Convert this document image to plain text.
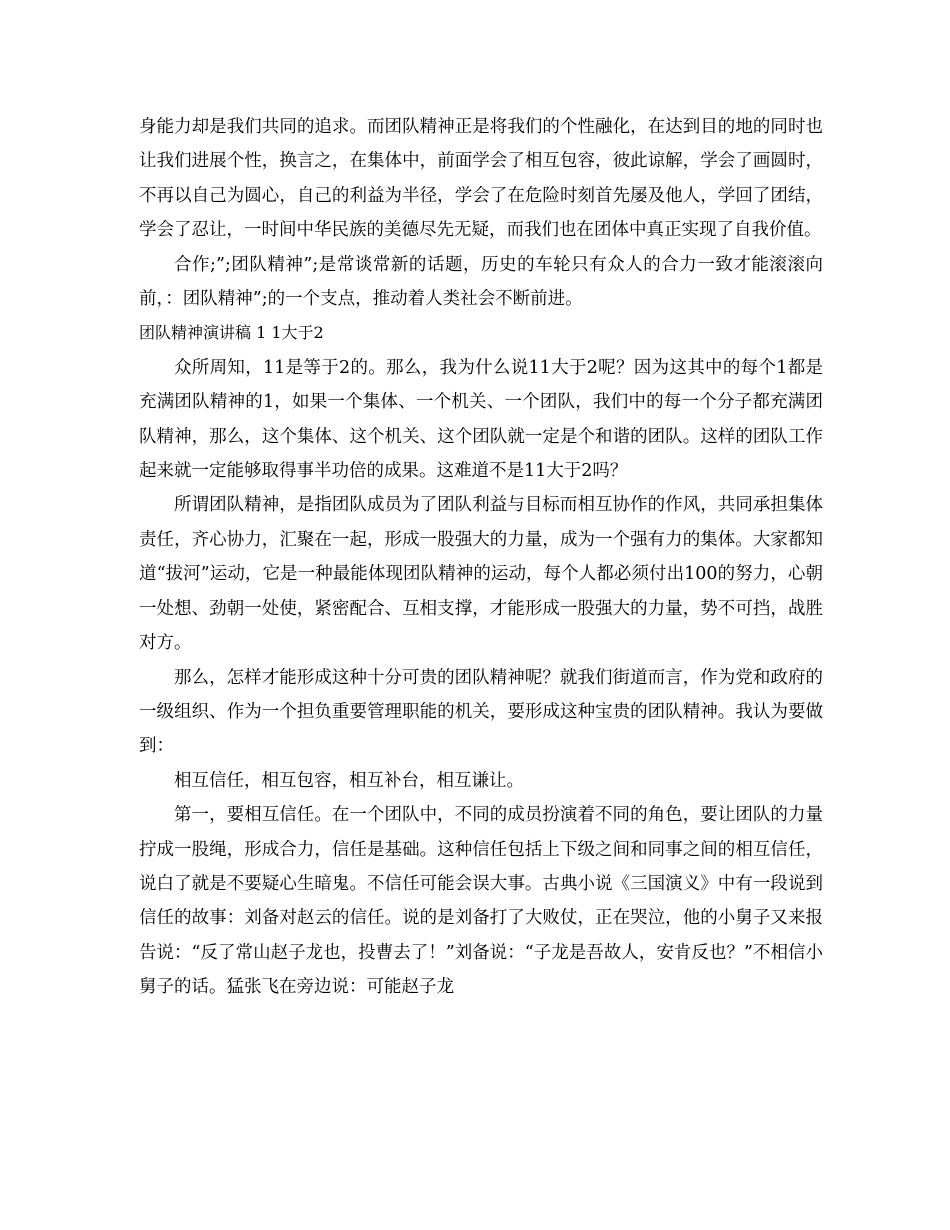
身能力却是我们共同的追求。而团队精神正是将我们的个性融化，在达到目的地的同时也让我们进展个性，换言之，在集体中，前面学会了相互包容，彼此谅解，学会了画圆时，不再以自己为圆心，自己的利益为半径，学会了在危险时刻首先屡及他人，学回了团结，学会了忍让，一时间中华民族的美德尽先无疑，而我们也在团体中真正实现了自我价值。

合作;”;团队精神”;是常谈常新的话题，历史的车轮只有众人的合力一致才能滚滚向前，：团队精神”;的一个支点，推动着人类社会不断前进。

团队精神演讲稿 1 1大于2

众所周知，11是等于2的。那么，我为什么说11大于2呢？因为这其中的每个1都是充满团队精神的1，如果一个集体、一个机关、一个团队，我们中的每一个分子都充满团队精神，那么，这个集体、这个机关、这个团队就一定是个和谐的团队。这样的团队工作起来就一定能够取得事半功倍的成果。这难道不是11大于2吗？

所谓团队精神，是指团队成员为了团队利益与目标而相互协作的作风，共同承担集体责任，齐心协力，汇聚在一起，形成一股强大的力量，成为一个强有力的集体。大家都知道“拔河”运动，它是一种最能体现团队精神的运动，每个人都必须付出100的努力，心朝一处想、劲朝一处使，紧密配合、互相支撑，才能形成一股强大的力量，势不可挡，战胜对方。

那么，怎样才能形成这种十分可贵的团队精神呢？就我们街道而言，作为党和政府的一级组织、作为一个担负重要管理职能的机关，要形成这种宝贵的团队精神。我认为要做到：

相互信任，相互包容，相互补台，相互谦让。

第一，要相互信任。在一个团队中，不同的成员扮演着不同的角色，要让团队的力量拧成一股绳，形成合力，信任是基础。这种信任包括上下级之间和同事之间的相互信任，说白了就是不要疑心生暗鬼。不信任可能会误大事。古典小说《三国演义》中有一段说到信任的故事：刘备对赵云的信任。说的是刘备打了大败仗，正在哭泣，他的小舅子又来报告说：“反了常山赵子龙也，投曹去了！”刘备说：“子龙是吾故人，安肯反也？”不相信小舅子的话。猛张飞在旁边说：可能赵子龙
